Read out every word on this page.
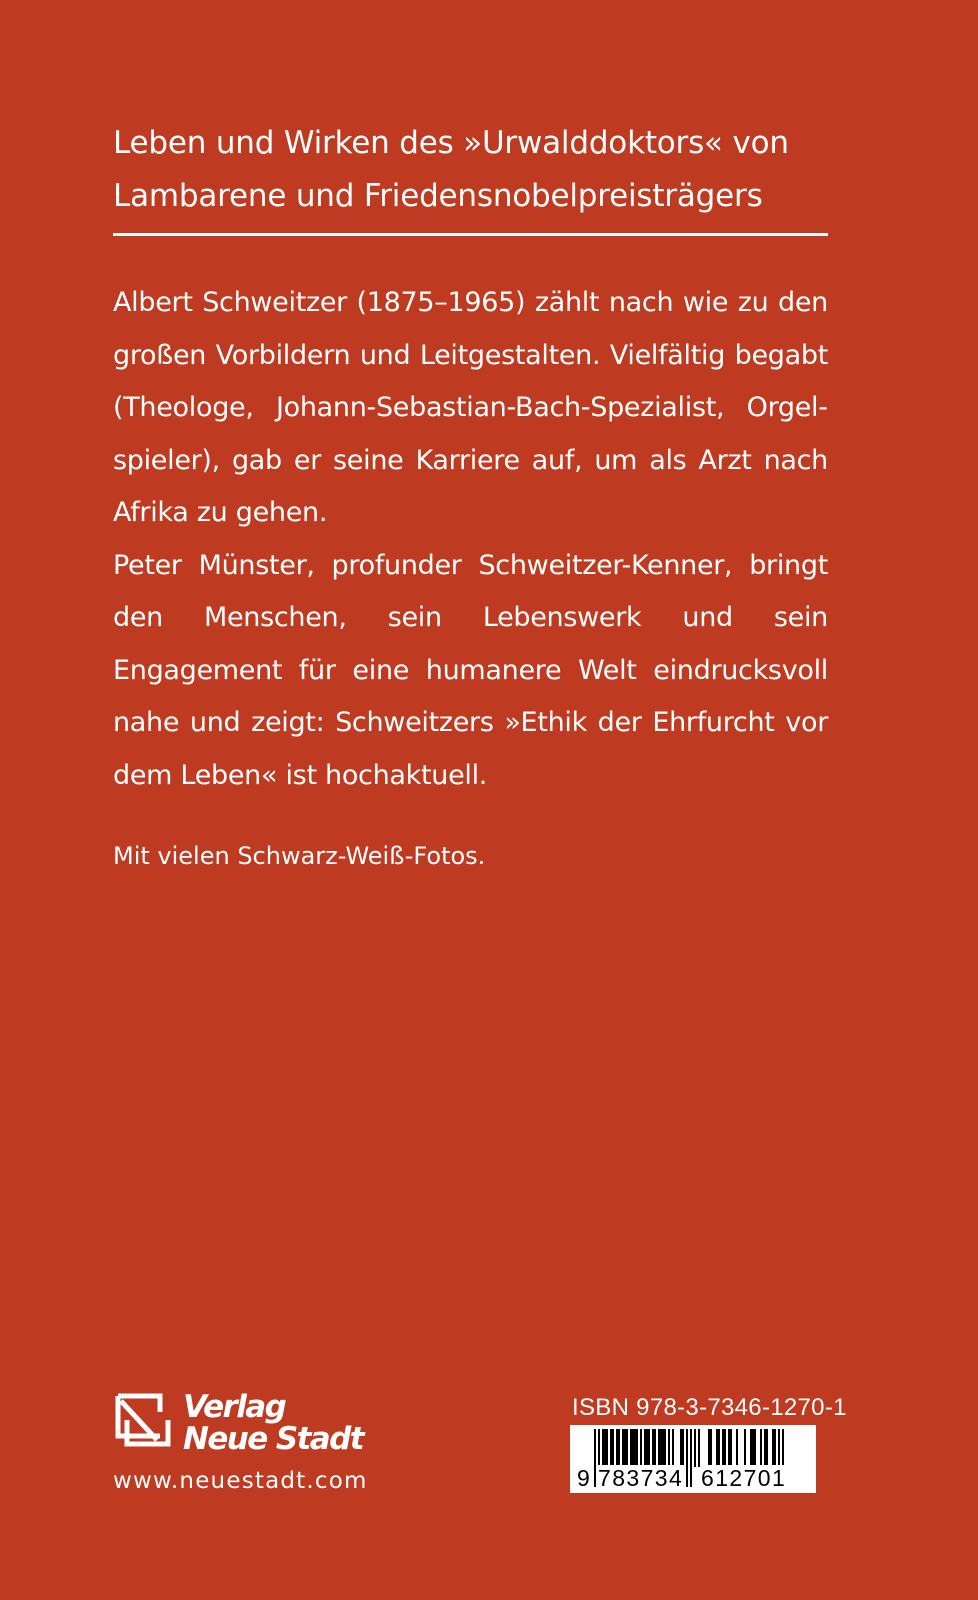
Leben und Wirken des »Urwalddoktors« von
Lambarene und Friedensnobelpreisträgers

Albert Schweitzer (1875–1965) zählt nach wie zu den großen Vorbildern und Leitgestalten. Vielfältig begabt (Theologe, Johann-Sebastian-Bach-Spezialist, Orgelspieler), gab er seine Karriere auf, um als Arzt nach Afrika zu gehen.

Peter Münster, profunder Schweitzer-Kenner, bringt den Menschen, sein Lebenswerk und sein Engagement für eine humanere Welt eindrucksvoll nahe und zeigt: Schweitzers »Ethik der Ehrfurcht vor dem Leben« ist hochaktuell.

Mit vielen Schwarz-Weiß-Fotos.

Verlag
Neue Stadt

www.neuestadt.com

ISBN 978-3-7346-1270-1
9 783734 612701
